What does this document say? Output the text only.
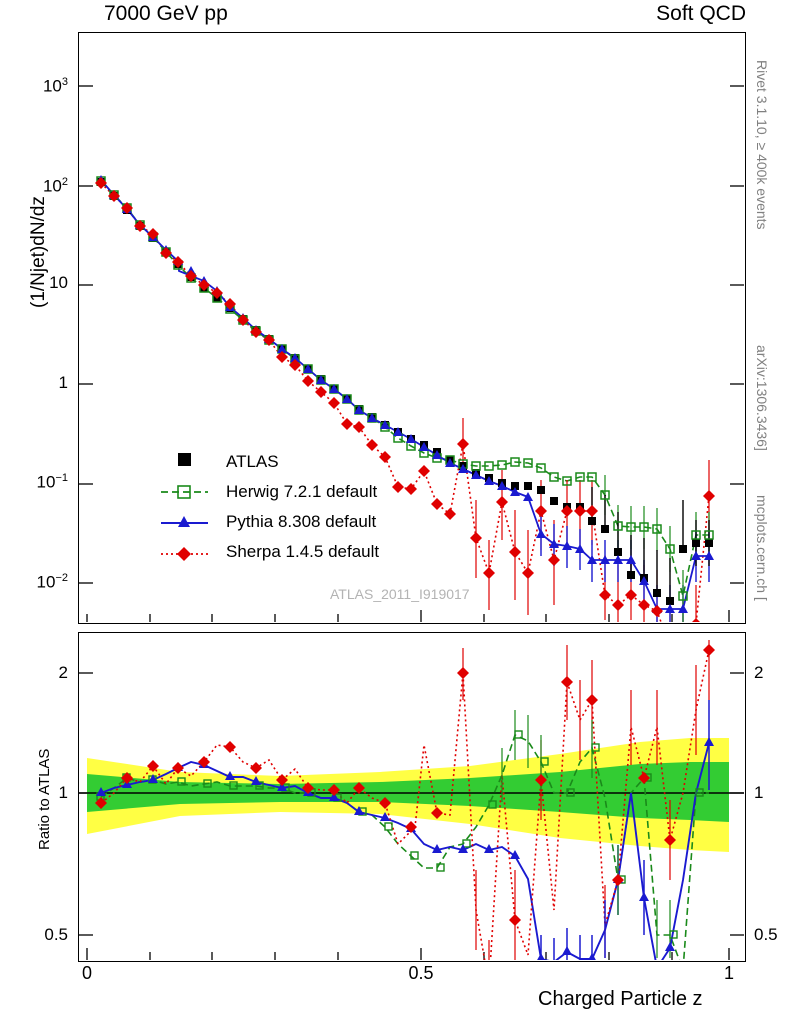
7000 GeV pp	Soft QCD
Rivet 3.1.10, ≥ 400k events
arXiv:1306.3436]
mcplots.cern.ch [
(1/Njet)dN/dz
Ratio to ATLAS
Charged Particle z
ATLAS_2011_I919017
$10^3$
$10^2$
10
1
$10^{-1}$
$10^{-2}$
2
1
0.5
2
1
0.5
0	0.5	1
ATLAS
Herwig 7.2.1 default
Pythia 8.308 default
Sherpa 1.4.5 default
